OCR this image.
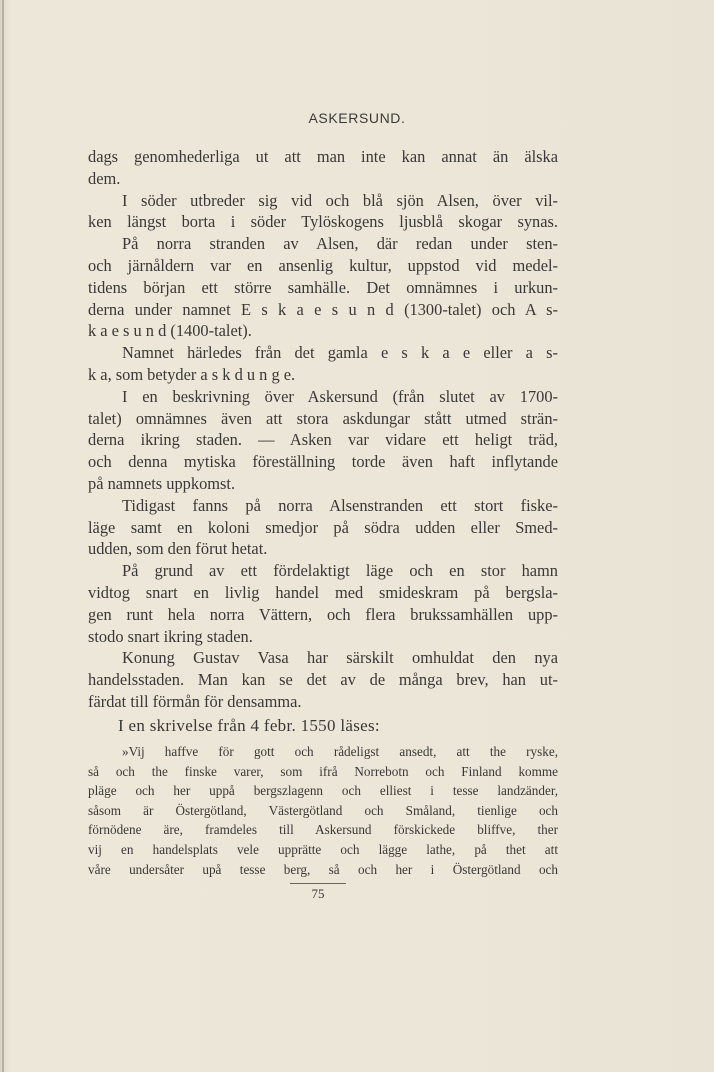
ASKERSUND.
dags genomhederliga ut att man inte kan annat än älska
dem.
I söder utbreder sig vid och blå sjön Alsen, över vil-
ken längst borta i söder Tylöskogens ljusblå skogar synas.
På norra stranden av Alsen, där redan under sten-
och järnåldern var en ansenlig kultur, uppstod vid medel-
tidens början ett större samhälle. Det omnämnes i urkun-
derna under namnet E s k a e s u n d (1300-talet) och A s-
k a e s u n d (1400-talet).
Namnet härledes från det gamla e s k a e eller a s-
k a, som betyder a s k d u n g e.
I en beskrivning över Askersund (från slutet av 1700-
talet) omnämnes även att stora askdungar stått utmed strän-
derna ikring staden. — Asken var vidare ett heligt träd,
och denna mytiska föreställning torde även haft inflytande
på namnets uppkomst.
Tidigast fanns på norra Alsenstranden ett stort fiske-
läge samt en koloni smedjor på södra udden eller Smed-
udden, som den förut hetat.
På grund av ett fördelaktigt läge och en stor hamn
vidtog snart en livlig handel med smideskram på bergsla-
gen runt hela norra Vättern, och flera brukssamhällen upp-
stodo snart ikring staden.
Konung Gustav Vasa har särskilt omhuldat den nya
handelsstaden. Man kan se det av de många brev, han ut-
färdat till förmån för densamma.
I en skrivelse från 4 febr. 1550 läses:
»Vij haffve för gott och rådeligst ansedt, att the ryske,
så och the finske varer, som ifrå Norrebotn och Finland komme
pläge och her uppå bergszlagenn och elliest i tesse landzänder,
såsom är Östergötland, Västergötland och Småland, tienlige och
förnödene äre, framdeles till Askersund förskickede bliffve, ther
vij en handelsplats vele upprätte och lägge lathe, på thet att
våre undersåter upå tesse berg, så och her i Östergötland och
75
